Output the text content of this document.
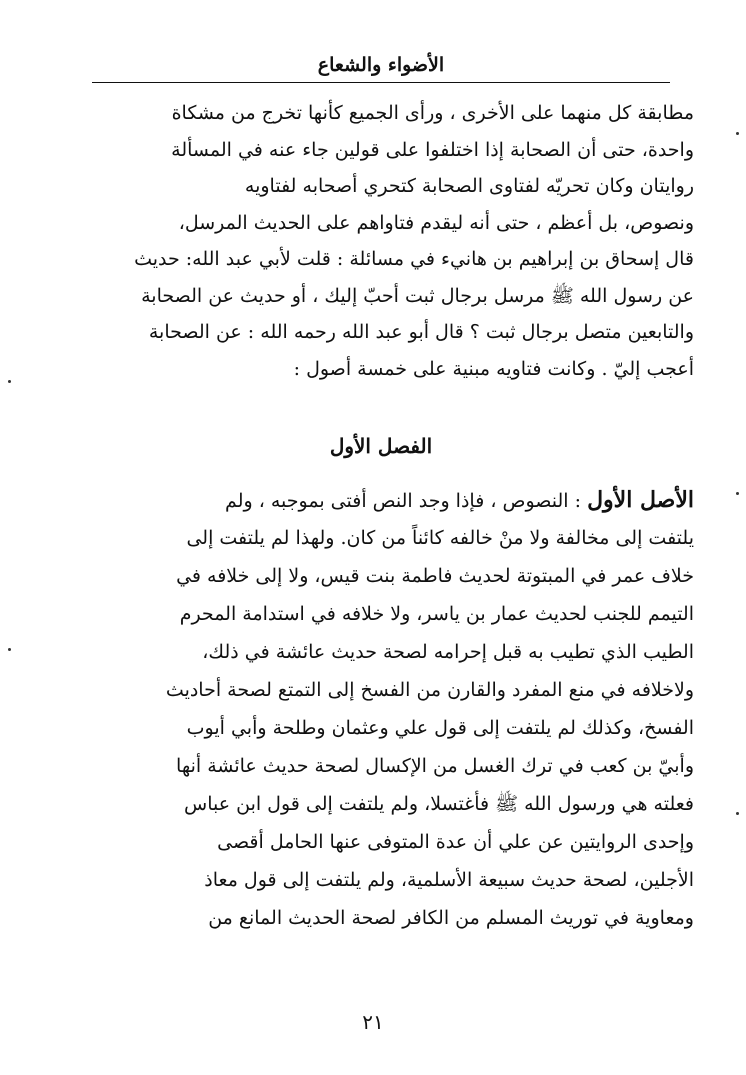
الأضواء والشعاع
مطابقة كل منهما على الأخرى ، ورأى الجميع كأنها تخرج من مشكاة
واحدة، حتى أن الصحابة إذا اختلفوا على قولين جاء عنه في المسألة
روايتان وكان تحريّه لفتاوى الصحابة كتحري أصحابه لفتاويه
ونصوص، بل أعظم ، حتى أنه ليقدم فتاواهم على الحديث المرسل،
قال إسحاق بن إبراهيم بن هانيء في مسائلة : قلت لأبي عبد الله: حديث
عن رسول الله ﷺ مرسل برجال ثبت أحبّ إليك ، أو حديث عن الصحابة
والتابعين متصل برجال ثبت ؟ قال أبو عبد الله رحمه الله : عن الصحابة
أعجب إليّ . وكانت فتاويه مبنية على خمسة أصول :
الفصل الأول
الأصل الأول : النصوص ، فإذا وجد النص أفتى بموجبه ، ولم
يلتفت إلى مخالفة ولا منْ خالفه كائناً من كان. ولهذا لم يلتفت إلى
خلاف عمر في المبتوتة لحديث فاطمة بنت قيس، ولا إلى خلافه في
التيمم للجنب لحديث عمار بن ياسر، ولا خلافه في استدامة المحرم
الطيب الذي تطيب به قبل إحرامه لصحة حديث عائشة في ذلك،
ولاخلافه في منع المفرد والقارن من الفسخ إلى التمتع لصحة أحاديث
الفسخ، وكذلك لم يلتفت إلى قول علي وعثمان وطلحة وأبي أيوب
وأبيّ بن كعب في ترك الغسل من الإكسال لصحة حديث عائشة أنها
فعلته هي ورسول الله ﷺ فأغتسلا، ولم يلتفت إلى قول ابن عباس
وإحدى الروايتين عن علي أن عدة المتوفى عنها الحامل أقصى
الأجلين، لصحة حديث سبيعة الأسلمية، ولم يلتفت إلى قول معاذ
ومعاوية في توريث المسلم من الكافر لصحة الحديث المانع من
٢١
